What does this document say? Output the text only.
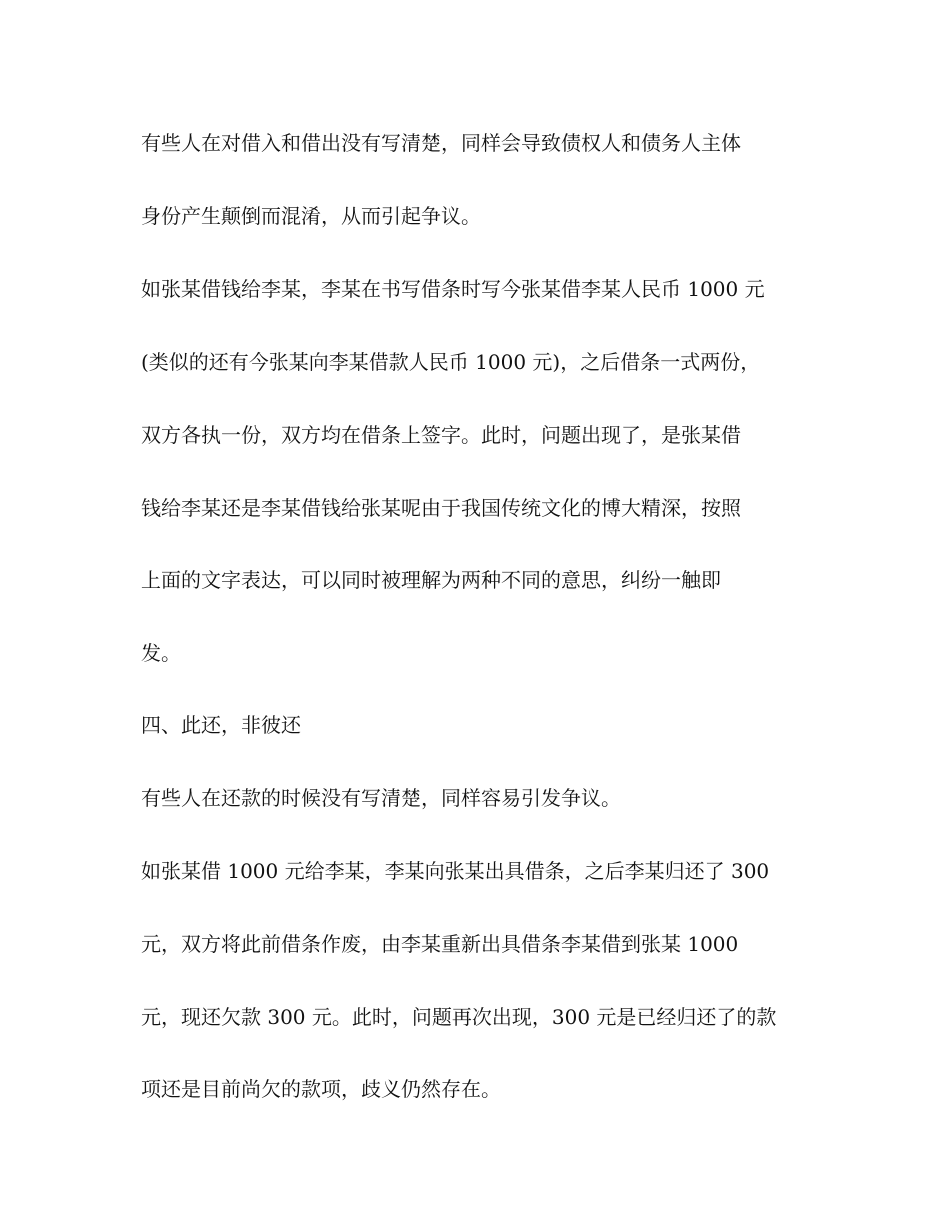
有些人在对借入和借出没有写清楚，同样会导致债权人和债务人主体

身份产生颠倒而混淆，从而引起争议。

如张某借钱给李某，李某在书写借条时写今张某借李某人民币 1000 元

(类似的还有今张某向李某借款人民币 1000 元)，之后借条一式两份，

双方各执一份，双方均在借条上签字。此时，问题出现了，是张某借

钱给李某还是李某借钱给张某呢由于我国传统文化的博大精深，按照

上面的文字表达，可以同时被理解为两种不同的意思，纠纷一触即

发。

四、此还，非彼还

有些人在还款的时候没有写清楚，同样容易引发争议。

如张某借 1000 元给李某，李某向张某出具借条，之后李某归还了 300

元，双方将此前借条作废，由李某重新出具借条李某借到张某 1000

元，现还欠款 300 元。此时，问题再次出现，300 元是已经归还了的款

项还是目前尚欠的款项，歧义仍然存在。
